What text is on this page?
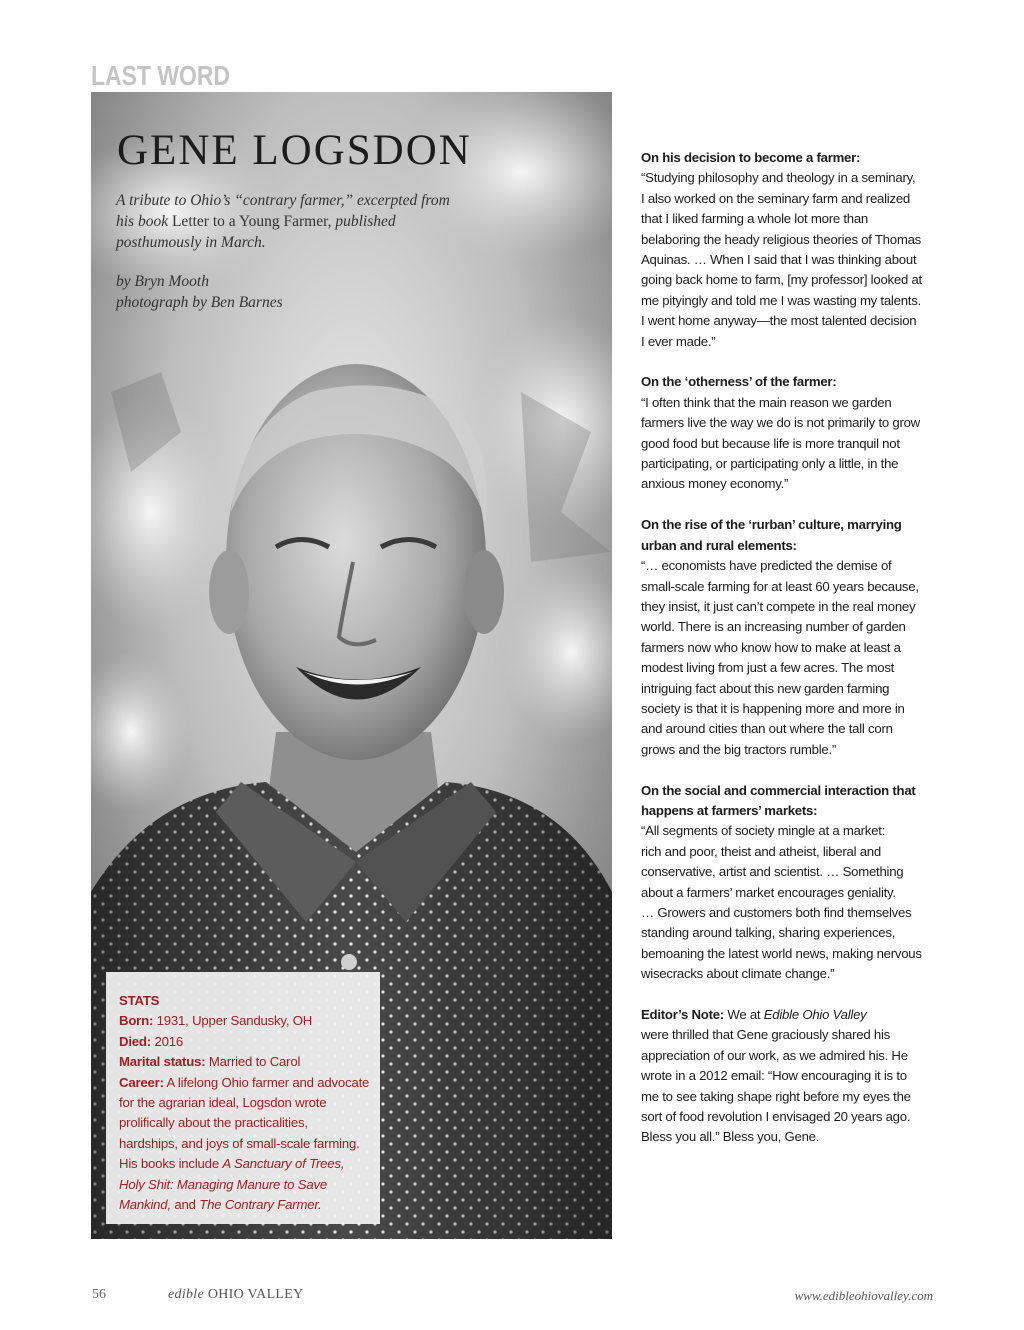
LAST WORD
GENE LOGSDON
A tribute to Ohio’s “contrary farmer,” excerpted from his book Letter to a Young Farmer, published posthumously in March.
by Bryn Mooth
photograph by Ben Barnes
STATS
Born: 1931, Upper Sandusky, OH
Died: 2016
Marital status: Married to Carol
Career: A lifelong Ohio farmer and advocate for the agrarian ideal, Logsdon wrote prolifically about the practicalities, hardships, and joys of small-scale farming. His books include A Sanctuary of Trees, Holy Shit: Managing Manure to Save Mankind, and The Contrary Farmer.
On his decision to become a farmer:
“Studying philosophy and theology in a seminary,
I also worked on the seminary farm and realized
that I liked farming a whole lot more than
belaboring the heady religious theories of Thomas
Aquinas. … When I said that I was thinking about
going back home to farm, [my professor] looked at
me pityingly and told me I was wasting my talents.
I went home anyway—the most talented decision
I ever made.”
On the ‘otherness’ of the farmer:
“I often think that the main reason we garden
farmers live the way we do is not primarily to grow
good food but because life is more tranquil not
participating, or participating only a little, in the
anxious money economy.”
On the rise of the ‘rurban’ culture, marrying
urban and rural elements:
“… economists have predicted the demise of
small-scale farming for at least 60 years because,
they insist, it just can’t compete in the real money
world. There is an increasing number of garden
farmers now who know how to make at least a
modest living from just a few acres. The most
intriguing fact about this new garden farming
society is that it is happening more and more in
and around cities than out where the tall corn
grows and the big tractors rumble.”
On the social and commercial interaction that
happens at farmers’ markets:
“All segments of society mingle at a market:
rich and poor, theist and atheist, liberal and
conservative, artist and scientist. … Something
about a farmers’ market encourages geniality.
… Growers and customers both find themselves
standing around talking, sharing experiences,
bemoaning the latest world news, making nervous
wisecracks about climate change.”
Editor’s Note: We at Edible Ohio Valley
were thrilled that Gene graciously shared his
appreciation of our work, as we admired his. He
wrote in a 2012 email: “How encouraging it is to
me to see taking shape right before my eyes the
sort of food revolution I envisaged 20 years ago.
Bless you all.” Bless you, Gene.
56	edible OHIO VALLEY	www.edibleohiovalley.com
